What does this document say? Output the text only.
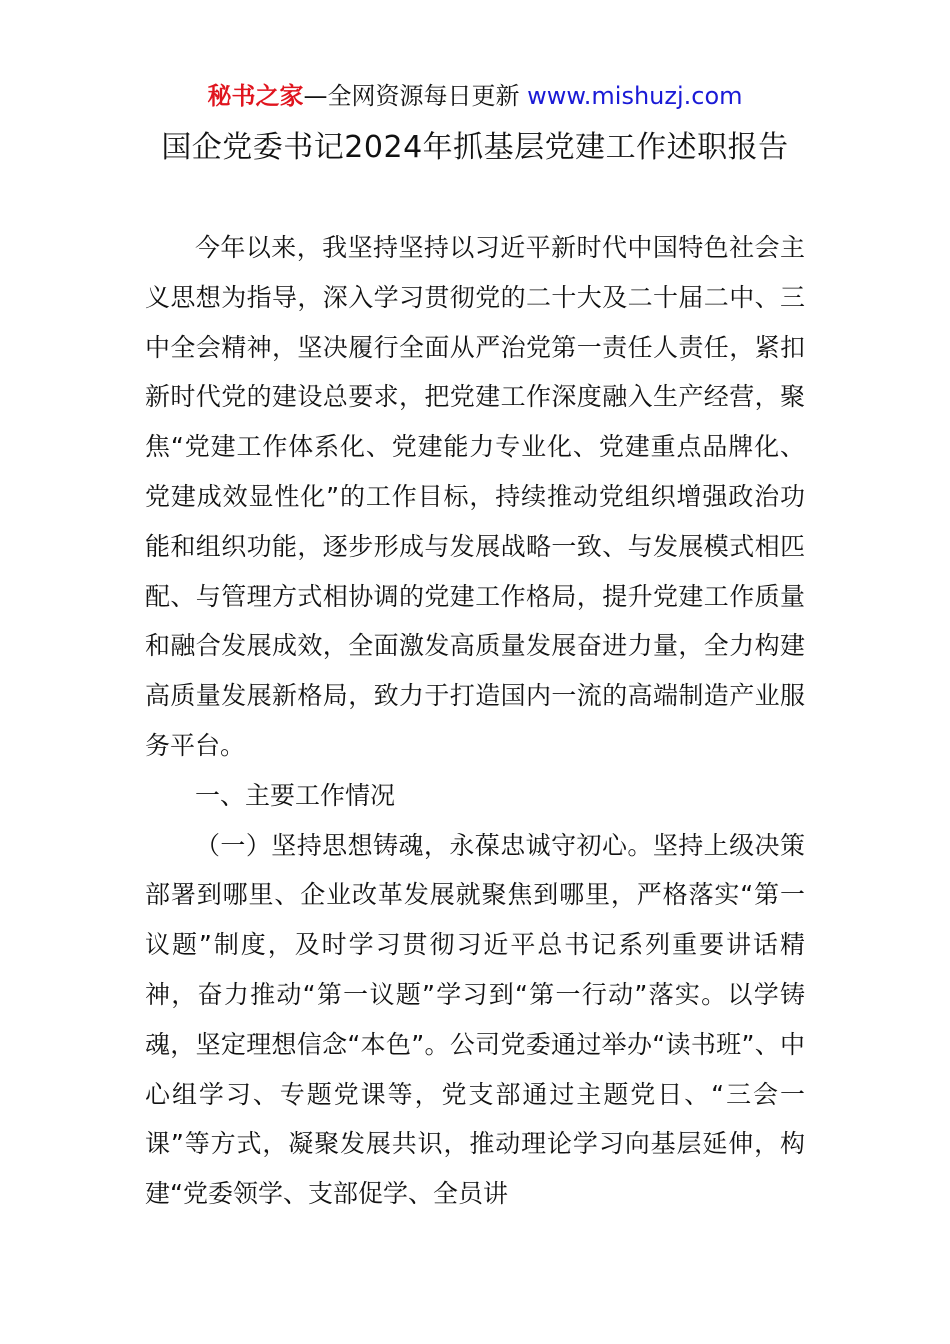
秘书之家—全网资源每日更新 www.mishuzj.com
国企党委书记2024年抓基层党建工作述职报告

今年以来，我坚持坚持以习近平新时代中国特色社会主义思想为指导，深入学习贯彻党的二十大及二十届二中、三中全会精神，坚决履行全面从严治党第一责任人责任，紧扣新时代党的建设总要求，把党建工作深度融入生产经营，聚焦“党建工作体系化、党建能力专业化、党建重点品牌化、党建成效显性化”的工作目标，持续推动党组织增强政治功能和组织功能，逐步形成与发展战略一致、与发展模式相匹配、与管理方式相协调的党建工作格局，提升党建工作质量和融合发展成效，全面激发高质量发展奋进力量，全力构建高质量发展新格局，致力于打造国内一流的高端制造产业服务平台。

一、主要工作情况

（一）坚持思想铸魂，永葆忠诚守初心。坚持上级决策部署到哪里、企业改革发展就聚焦到哪里，严格落实“第一议题”制度，及时学习贯彻习近平总书记系列重要讲话精神，奋力推动“第一议题”学习到“第一行动”落实。以学铸魂，坚定理想信念“本色”。公司党委通过举办“读书班”、中心组学习、专题党课等，党支部通过主题党日、“三会一课”等方式，凝聚发展共识，推动理论学习向基层延伸，构建“党委领学、支部促学、全员讲
